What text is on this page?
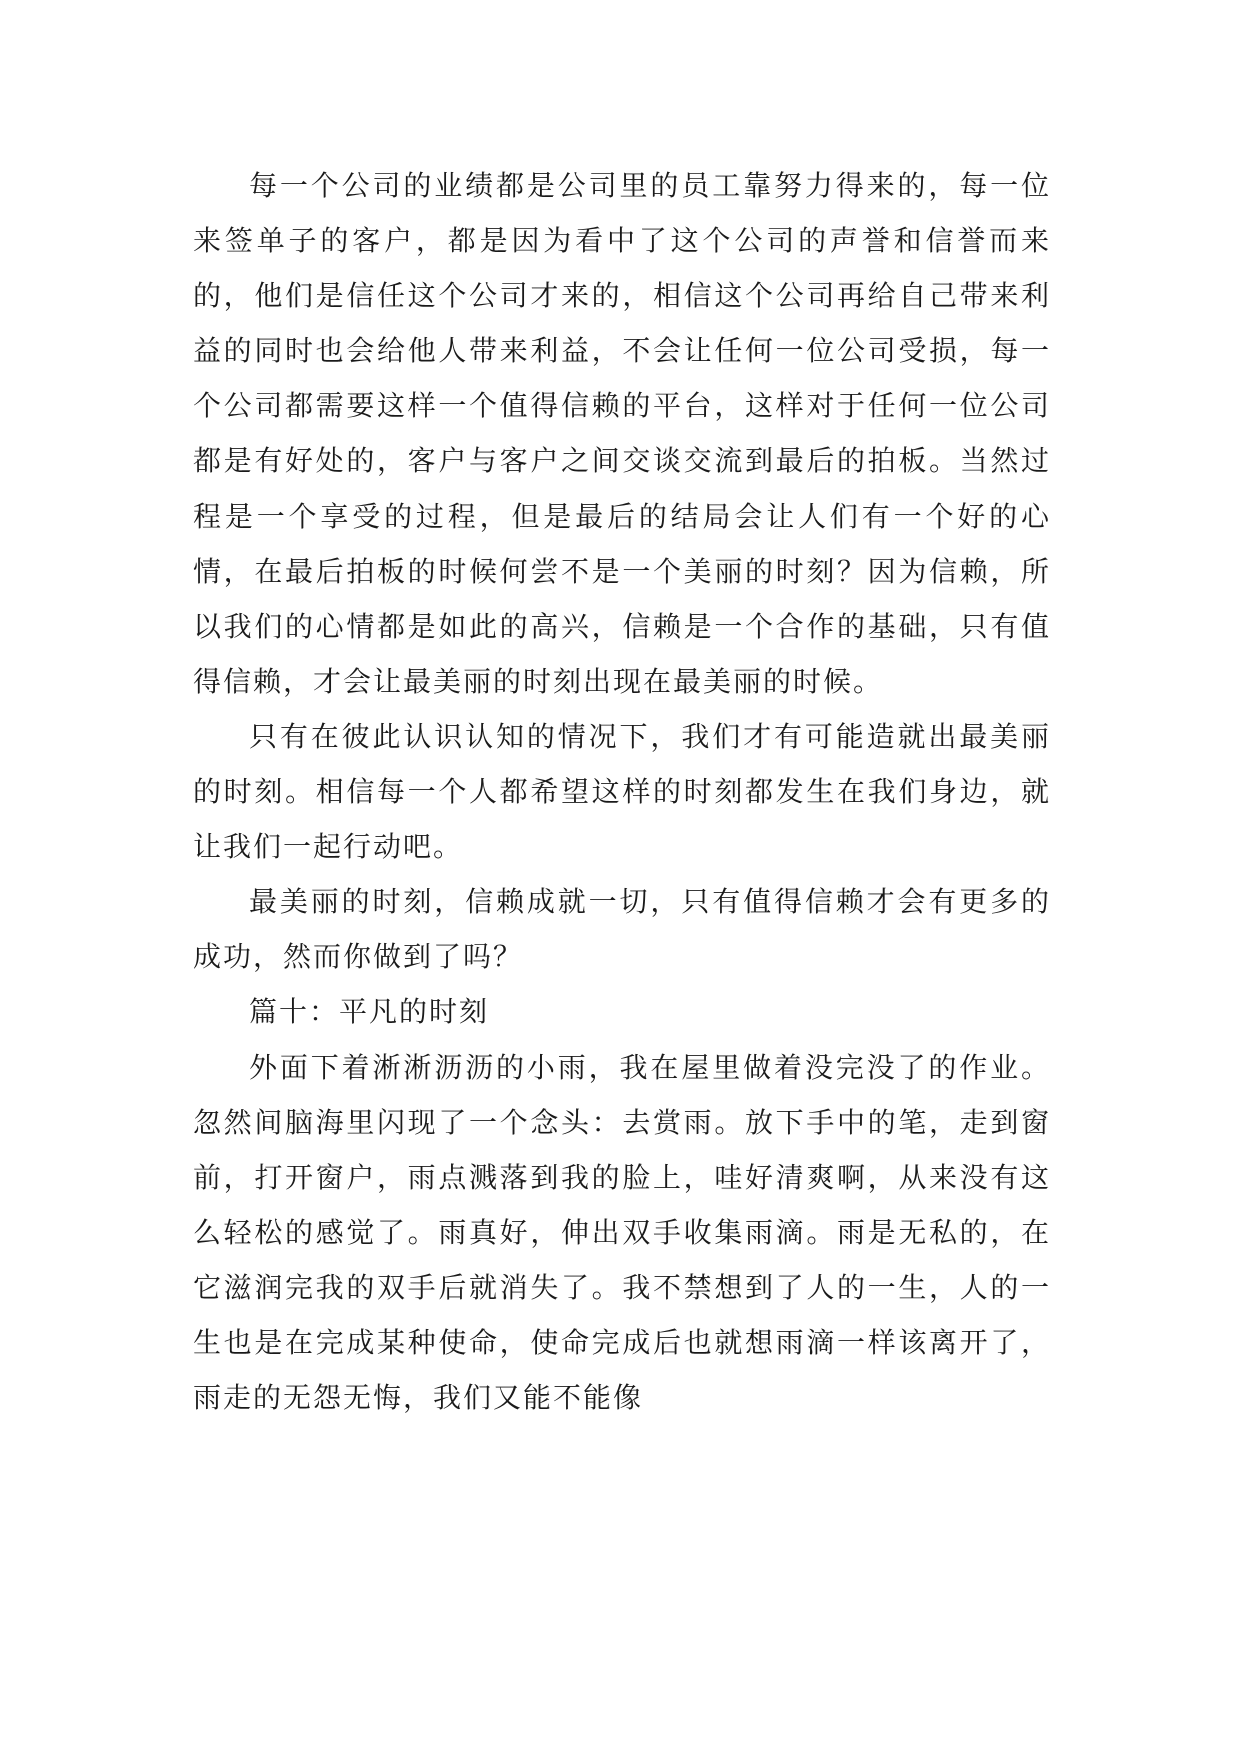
每一个公司的业绩都是公司里的员工靠努力得来的，每一位来签单子的客户，都是因为看中了这个公司的声誉和信誉而来的，他们是信任这个公司才来的，相信这个公司再给自己带来利益的同时也会给他人带来利益，不会让任何一位公司受损，每一个公司都需要这样一个值得信赖的平台，这样对于任何一位公司都是有好处的，客户与客户之间交谈交流到最后的拍板。当然过程是一个享受的过程，但是最后的结局会让人们有一个好的心情，在最后拍板的时候何尝不是一个美丽的时刻？因为信赖，所以我们的心情都是如此的高兴，信赖是一个合作的基础，只有值得信赖，才会让最美丽的时刻出现在最美丽的时候。

只有在彼此认识认知的情况下，我们才有可能造就出最美丽的时刻。相信每一个人都希望这样的时刻都发生在我们身边，就让我们一起行动吧。

最美丽的时刻，信赖成就一切，只有值得信赖才会有更多的成功，然而你做到了吗？

篇十：平凡的时刻

外面下着淅淅沥沥的小雨，我在屋里做着没完没了的作业。忽然间脑海里闪现了一个念头：去赏雨。放下手中的笔，走到窗前，打开窗户，雨点溅落到我的脸上，哇好清爽啊，从来没有这么轻松的感觉了。雨真好，伸出双手收集雨滴。雨是无私的，在它滋润完我的双手后就消失了。我不禁想到了人的一生，人的一生也是在完成某种使命，使命完成后也就想雨滴一样该离开了，雨走的无怨无悔，我们又能不能像
